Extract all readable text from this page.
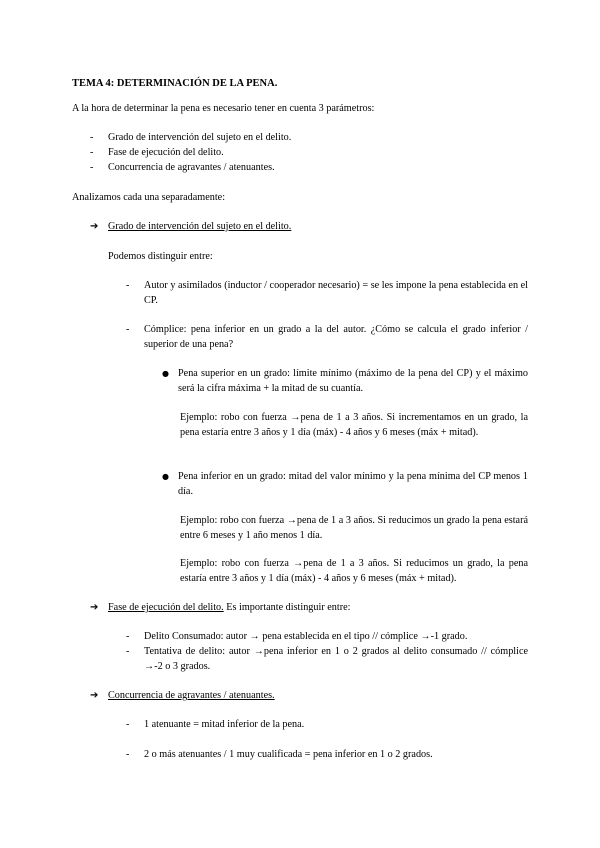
TEMA 4: DETERMINACIÓN DE LA PENA.
A la hora de determinar la pena es necesario tener en cuenta 3 parámetros:
-	Grado de intervención del sujeto en el delito.
-	Fase de ejecución del delito.
-	Concurrencia de agravantes / atenuantes.
Analizamos cada una separadamente:
➔ Grado de intervención del sujeto en el delito.
Podemos distinguir entre:
-	Autor y asimilados (inductor / cooperador necesario) = se les impone la pena establecida en el CP.
-	Cómplice: pena inferior en un grado a la del autor. ¿Cómo se calcula el grado inferior / superior de una pena?
● Pena superior en un grado: límite mínimo (máximo de la pena del CP) y el máximo será la cifra máxima + la mitad de su cuantía.
Ejemplo: robo con fuerza →pena de 1 a 3 años. Si incrementamos en un grado, la pena estaría entre 3 años y 1 día (máx) - 4 años y 6 meses (máx + mitad).
● Pena inferior en un grado: mitad del valor mínimo y la pena mínima del CP menos 1 día.
Ejemplo: robo con fuerza →pena de 1 a 3 años. Si reducimos un grado la pena estará entre 6 meses y 1 año menos 1 día.
Ejemplo: robo con fuerza →pena de 1 a 3 años. Si reducimos un grado, la pena estaría entre 3 años y 1 día (máx) - 4 años y 6 meses (máx + mitad).
➔ Fase de ejecución del delito. Es importante distinguir entre:
-	Delito Consumado: autor → pena establecida en el tipo // cómplice →-1 grado.
-	Tentativa de delito: autor →pena inferior en 1 o 2 grados al delito consumado // cómplice →-2 o 3 grados.
➔ Concurrencia de agravantes / atenuantes.
-	1 atenuante = mitad inferior de la pena.
-	2 o más atenuantes / 1 muy cualificada = pena inferior en 1 o 2 grados.
